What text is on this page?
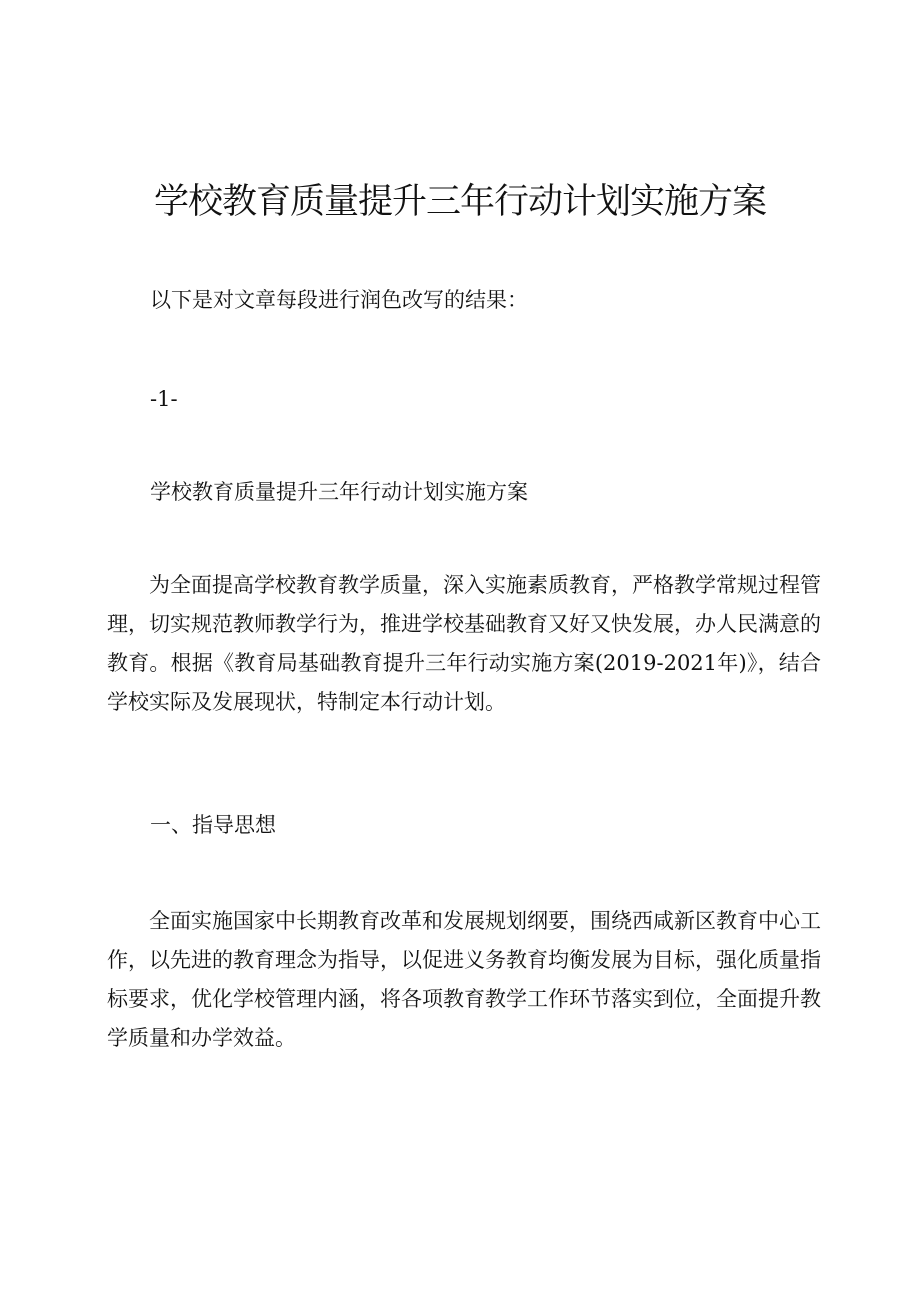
学校教育质量提升三年行动计划实施方案
以下是对文章每段进行润色改写的结果：
-1-
学校教育质量提升三年行动计划实施方案
为全面提高学校教育教学质量，深入实施素质教育，严格教学常规过程管理，切实规范教师教学行为，推进学校基础教育又好又快发展，办人民满意的教育。根据《教育局基础教育提升三年行动实施方案(2019-2021年)》，结合学校实际及发展现状，特制定本行动计划。
一、指导思想
全面实施国家中长期教育改革和发展规划纲要，围绕西咸新区教育中心工作，以先进的教育理念为指导，以促进义务教育均衡发展为目标，强化质量指标要求，优化学校管理内涵，将各项教育教学工作环节落实到位，全面提升教学质量和办学效益。
